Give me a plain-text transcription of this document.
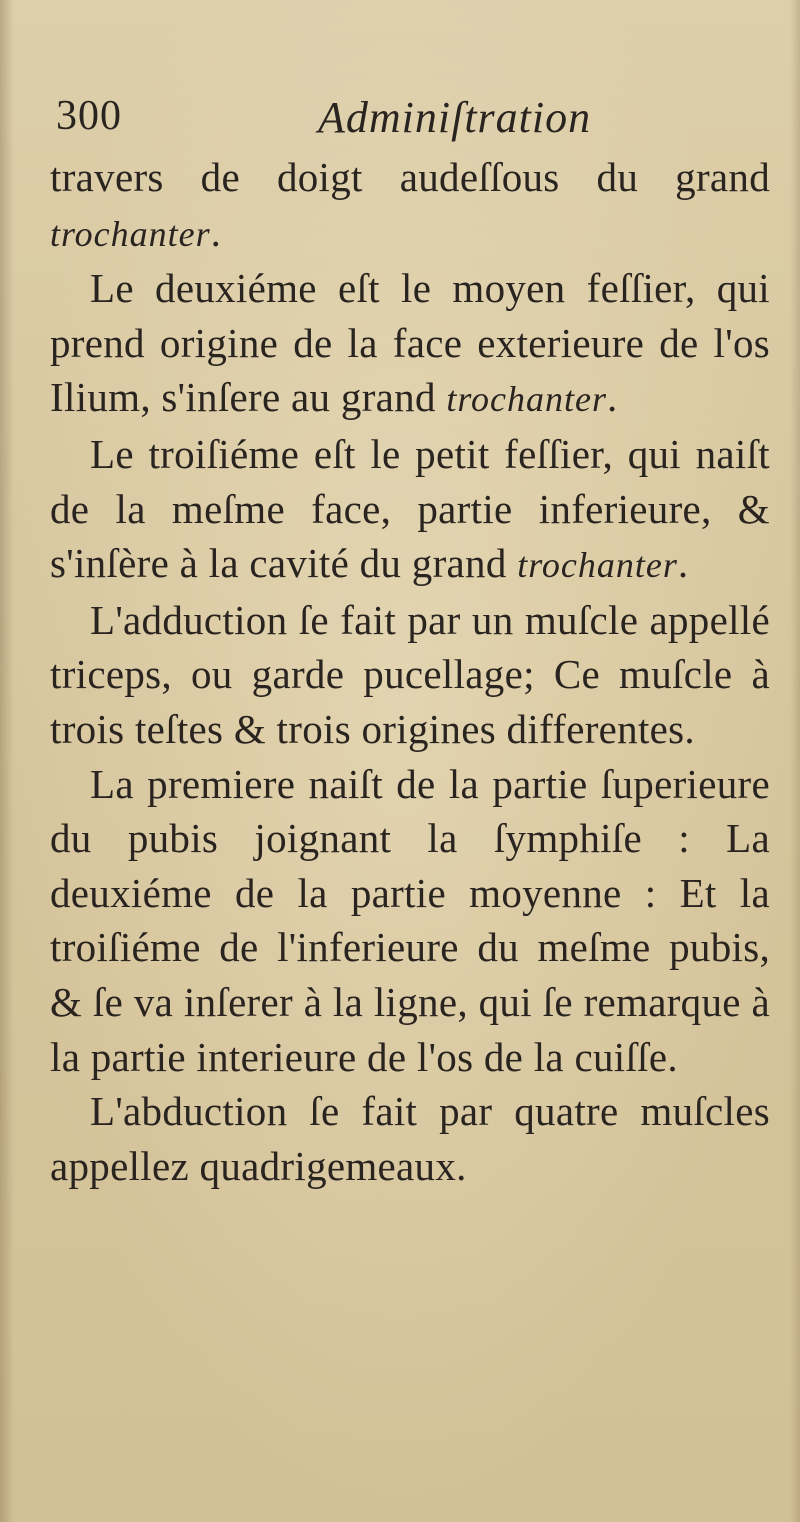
300	Adminiſtration

travers de doigt audeſſous du grand trochanter.

Le deuxiéme eſt le moyen feſſier, qui prend origine de la face exterieure de l'os Ilium, s'inſere au grand trochanter.

Le troiſiéme eſt le petit feſſier, qui naiſt de la meſme face, partie inferieure, & s'inſère à la cavité du grand trochanter.

L'adduction ſe fait par un muſcle appellé triceps, ou garde pucellage; Ce muſcle à trois teſtes & trois origines differentes.

La premiere naiſt de la partie ſuperieure du pubis joignant la ſymphiſe : La deuxiéme de la partie moyenne : Et la troiſiéme de l'inferieure du meſme pubis, & ſe va inſerer à la ligne, qui ſe remarque à la partie interieure de l'os de la cuiſſe.

L'abduction ſe fait par quatre muſcles appellez quadrigemeaux.
